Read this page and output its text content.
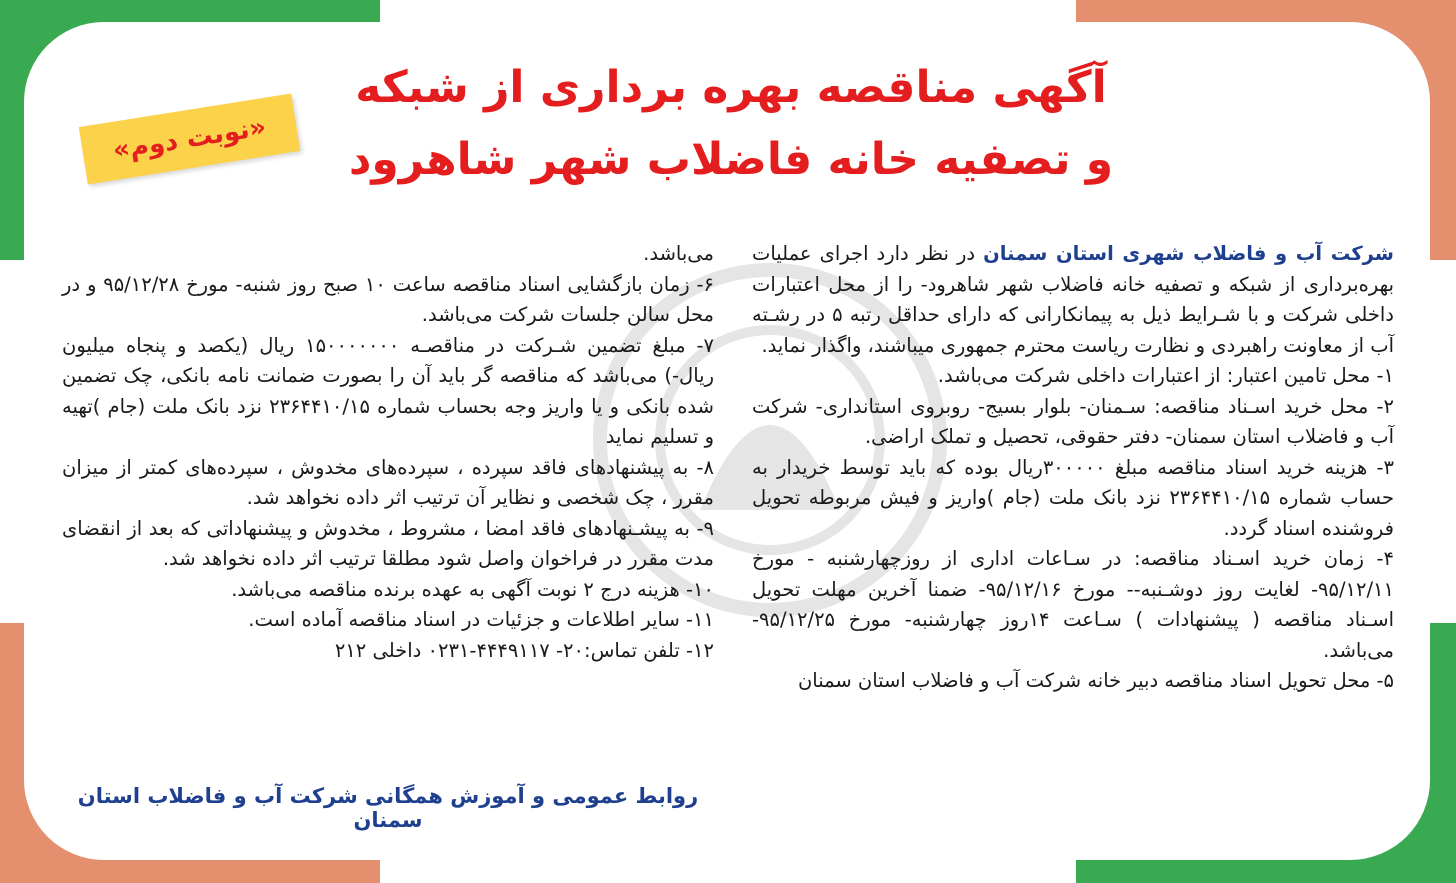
آگهی مناقصه بهره برداری از شبکه
و تصفیه خانه فاضلاب شهر شاهرود
«نوبت دوم»

شرکت آب و فاضلاب شهری استان سمنان در نظر دارد اجرای عملیات بهره‌برداری از شبکه و تصفیه خانه فاضلاب شهر شاهرود- را از محل اعتبارات داخلی شرکت و با شـرایط ذیل به پیمانکارانی که دارای حداقل رتبه ۵ در رشـته آب از معاونت راهبردی و نظارت ریاست محترم جمهوری میباشند، واگذار نماید.

۱- محل تامین اعتبار: از اعتبارات داخلی شرکت می‌باشد.

۲- محل خرید اسـناد مناقصه: سـمنان- بلوار بسیج- روبروی استانداری- شرکت آب و فاضلاب استان سمنان- دفتر حقوقی، تحصیل و تملک اراضی.

۳- هزینه خرید اسناد مناقصه مبلغ ۳۰۰۰۰۰ریال بوده که باید توسط خریدار به حساب شماره ۲۳۶۴۴۱۰/۱۵ نزد بانک ملت (جام )واریز و فیش مربوطه تحویل فروشنده اسناد گردد.

۴- زمان خرید اسـناد مناقصه: در سـاعات اداری از روزچهارشنبه - مورخ ۹۵/۱۲/۱۱- لغایت روز دوشـنبه-- مورخ ۹۵/۱۲/۱۶- ضمنا آخرین مهلت تحویل اسـناد مناقصه ( پیشنهادات ) سـاعت ۱۴روز چهارشنبه- مورخ ۹۵/۱۲/۲۵- می‌باشد.

۵- محل تحویل اسناد مناقصه دبیر خانه شرکت آب و فاضلاب استان سمنان

می‌باشد.

۶- زمان بازگشایی اسناد مناقصه ساعت ۱۰ صبح روز شنبه- مورخ ۹۵/۱۲/۲۸ و در محل سالن جلسات شرکت می‌باشد.

۷- مبلغ تضمین شـرکت در مناقصـه ۱۵۰۰۰۰۰۰۰ ریال (یکصد و پنجاه میلیون ریال-) می‌باشد که مناقصه گر باید آن را بصورت ضمانت نامه بانکی، چک تضمین شده بانکی و یا واریز وجه بحساب شماره ۲۳۶۴۴۱۰/۱۵ نزد بانک ملت (جام )تهیه و تسلیم نماید

۸- به پیشنهادهای فاقد سپرده ، سپرده‌های مخدوش ، سپرده‌های کمتر از میزان مقرر ، چک شخصی و نظایر آن ترتیب اثر داده نخواهد شد.

۹- به پیشـنهادهای فاقد امضا ، مشروط ، مخدوش و پیشنهاداتی که بعد از انقضای مدت مقرر در فراخوان واصل شود مطلقا ترتیب اثر داده نخواهد شد.

۱۰- هزینه درج ۲ نوبت آگهی به عهده برنده مناقصه می‌باشد.

۱۱- سایر اطلاعات و جزئیات در اسناد مناقصه آماده است.

۱۲- تلفن تماس:۲۰- ۴۴۴۹۱۱۷-۰۲۳۱ داخلی ۲۱۲

روابط عمومی و آموزش همگانی شرکت آب و فاضلاب استان سمنان
